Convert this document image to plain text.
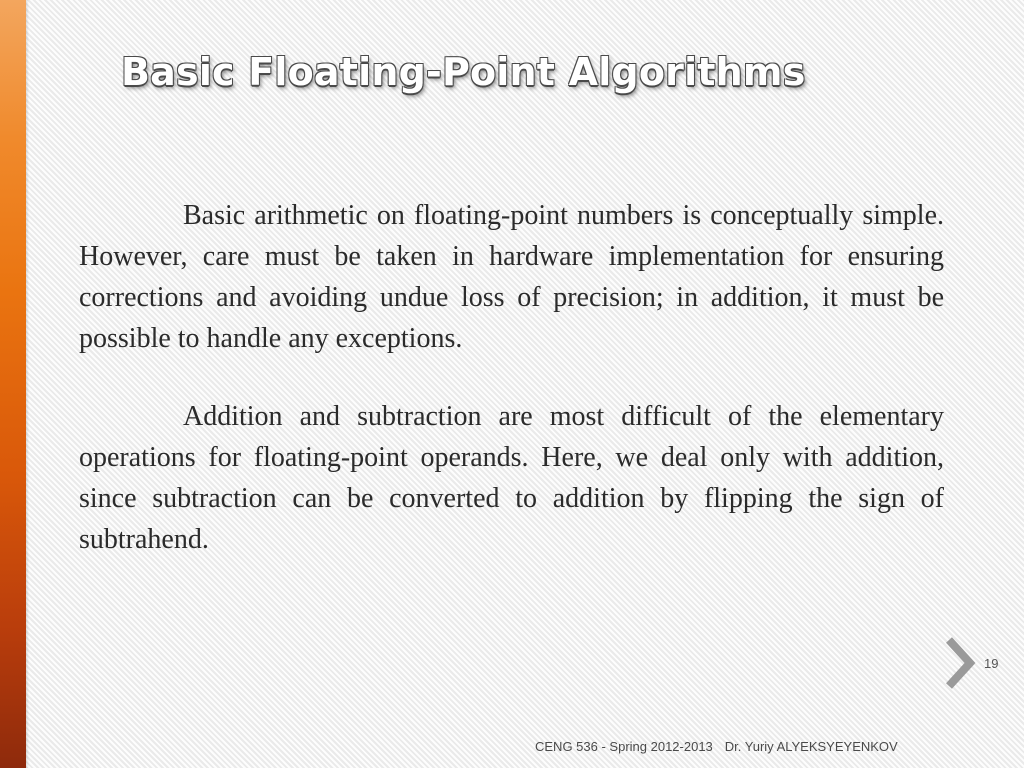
Basic Floating-Point Algorithms

Basic arithmetic on floating-point numbers is conceptually simple. However, care must be taken in hardware implementation for ensuring corrections and avoiding undue loss of precision; in addition, it must be possible to handle any exceptions.

Addition and subtraction are most difficult of the elementary operations for floating-point operands. Here, we deal only with addition, since subtraction can be converted to addition by flipping the sign of subtrahend.

19
CENG 536 - Spring 2012-2013 Dr. Yuriy ALYEKSYEYENKOV
